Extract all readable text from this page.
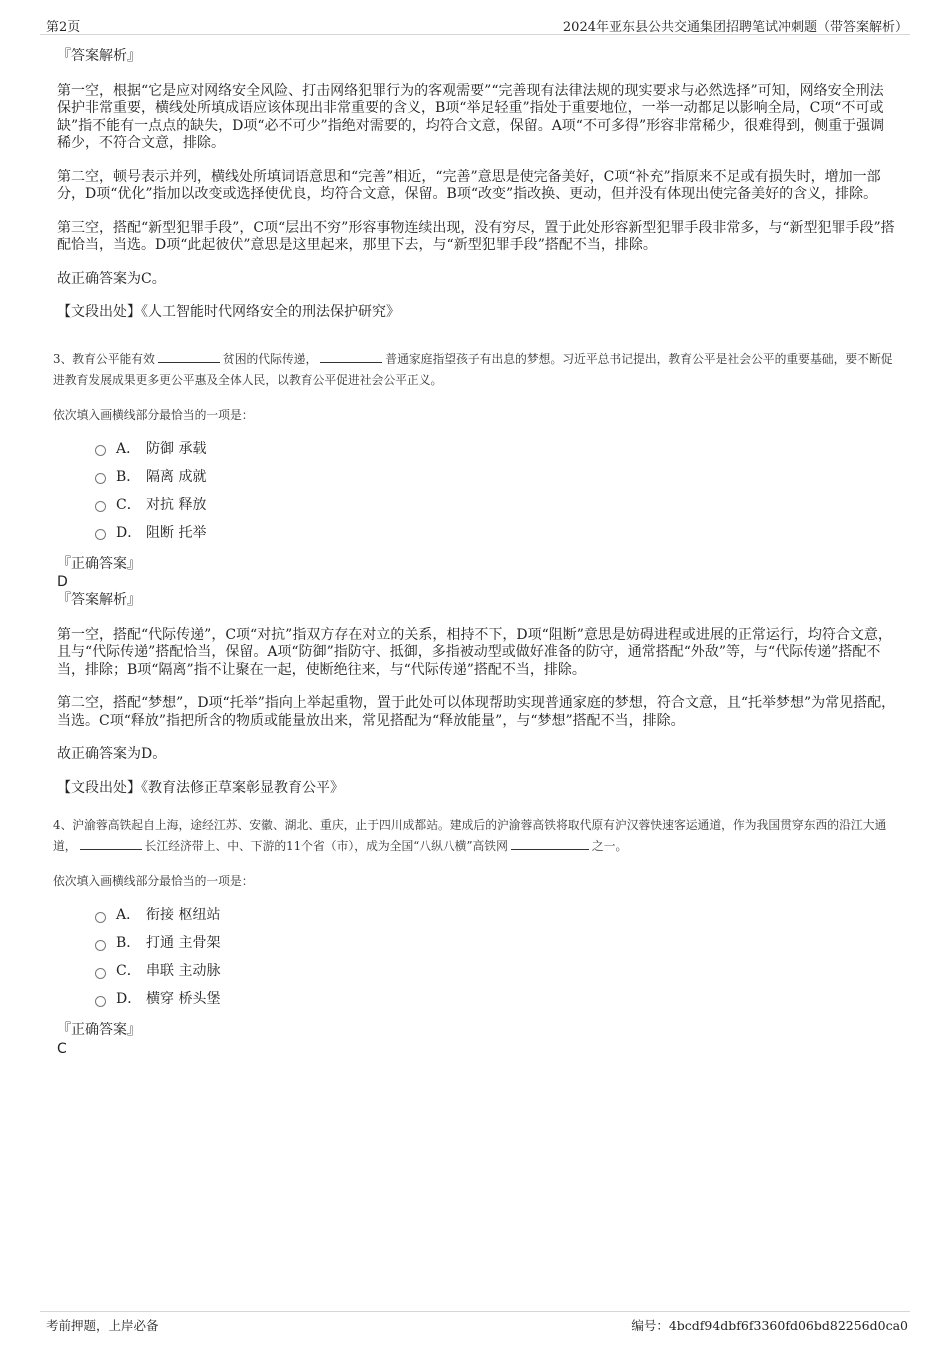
第2页	2024年亚东县公共交通集团招聘笔试冲刺题（带答案解析）

『答案解析』

第一空，根据“它是应对网络安全风险、打击网络犯罪行为的客观需要”“完善现有法律法规的现实要求与必然选择”可知，网络安全刑法保护非常重要，横线处所填成语应该体现出非常重要的含义，B项“举足轻重”指处于重要地位，一举一动都足以影响全局，C项“不可或缺”指不能有一点点的缺失，D项“必不可少”指绝对需要的，均符合文意，保留。A项“不可多得”形容非常稀少，很难得到，侧重于强调稀少，不符合文意，排除。

第二空，顿号表示并列，横线处所填词语意思和“完善”相近，“完善”意思是使完备美好，C项“补充”指原来不足或有损失时，增加一部分，D项“优化”指加以改变或选择使优良，均符合文意，保留。B项“改变”指改换、更动，但并没有体现出使完备美好的含义，排除。

第三空，搭配“新型犯罪手段”，C项“层出不穷”形容事物连续出现，没有穷尽，置于此处形容新型犯罪手段非常多，与“新型犯罪手段”搭配恰当，当选。D项“此起彼伏”意思是这里起来，那里下去，与“新型犯罪手段”搭配不当，排除。

故正确答案为C。

【文段出处】《人工智能时代网络安全的刑法保护研究》

3、教育公平能有效	贫困的代际传递，	普通家庭指望孩子有出息的梦想。习近平总书记提出，教育公平是社会公平的重要基础，要不断促进教育发展成果更多更公平惠及全体人民，以教育公平促进社会公平正义。

依次填入画横线部分最恰当的一项是：

A． 防御 承载
B． 隔离 成就
C． 对抗 释放
D． 阻断 托举

『正确答案』

D

『答案解析』

第一空，搭配“代际传递”，C项“对抗”指双方存在对立的关系，相持不下，D项“阻断”意思是妨碍进程或进展的正常运行，均符合文意，且与“代际传递”搭配恰当，保留。A项“防御”指防守、抵御，多指被动型或做好准备的防守，通常搭配“外敌”等，与“代际传递”搭配不当，排除；B项“隔离”指不让聚在一起，使断绝往来，与“代际传递”搭配不当，排除。

第二空，搭配“梦想”，D项“托举”指向上举起重物，置于此处可以体现帮助实现普通家庭的梦想，符合文意，且“托举梦想”为常见搭配，当选。C项“释放”指把所含的物质或能量放出来，常见搭配为“释放能量”，与“梦想”搭配不当，排除。

故正确答案为D。

【文段出处】《教育法修正草案彰显教育公平》

4、沪渝蓉高铁起自上海，途经江苏、安徽、湖北、重庆，止于四川成都站。建成后的沪渝蓉高铁将取代原有沪汉蓉快速客运通道，作为我国贯穿东西的沿江大通道，	长江经济带上、中、下游的11个省（市），成为全国“八纵八横”高铁网	之一。

依次填入画横线部分最恰当的一项是：

A． 衔接 枢纽站
B． 打通 主骨架
C． 串联 主动脉
D． 横穿 桥头堡

『正确答案』

C

考前押题，上岸必备	编号：4bcdf94dbf6f3360fd06bd82256d0ca0
